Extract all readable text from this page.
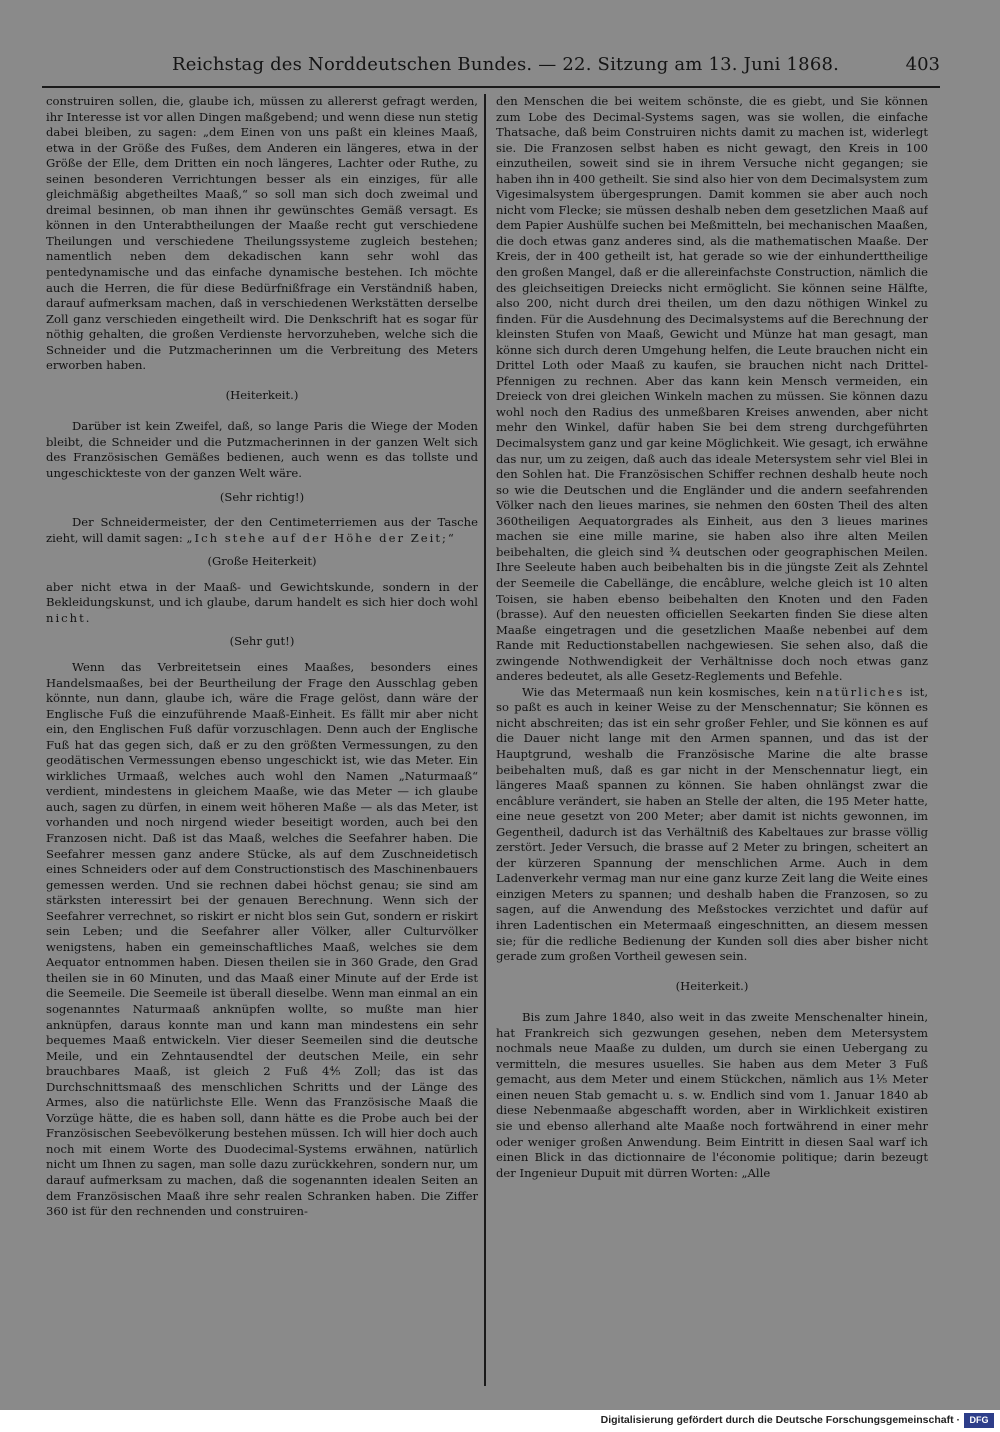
Reichstag des Norddeutschen Bundes. — 22. Sitzung am 13. Juni 1868.	403

construiren sollen, die, glaube ich, müssen zu allererst gefragt werden, ihr Interesse ist vor allen Dingen maßgebend; und wenn diese nun stetig dabei bleiben, zu sagen: „dem Einen von uns paßt ein kleines Maaß, etwa in der Größe des Fußes, dem Anderen ein längeres, etwa in der Größe der Elle, dem Dritten ein noch längeres, Lachter oder Ruthe, zu seinen besonderen Verrichtungen besser als ein einziges, für alle gleichmäßig abgetheiltes Maaß,“ so soll man sich doch zweimal und dreimal besinnen, ob man ihnen ihr gewünschtes Gemäß versagt. Es können in den Unterabtheilungen der Maaße recht gut verschiedene Theilungen und verschiedene Theilungssysteme zugleich bestehen; namentlich neben dem dekadischen kann sehr wohl das pentedynamische und das einfache dynamische bestehen. Ich möchte auch die Herren, die für diese Bedürfnißfrage ein Verständniß haben, darauf aufmerksam machen, daß in verschiedenen Werkstätten derselbe Zoll ganz verschieden eingetheilt wird. Die Denkschrift hat es sogar für nöthig gehalten, die großen Verdienste hervorzuheben, welche sich die Schneider und die Putzmacherinnen um die Verbreitung des Meters erworben haben.

(Heiterkeit.)

Darüber ist kein Zweifel, daß, so lange Paris die Wiege der Moden bleibt, die Schneider und die Putzmacherinnen in der ganzen Welt sich des Französischen Gemäßes bedienen, auch wenn es das tollste und ungeschickteste von der ganzen Welt wäre.

(Sehr richtig!)

Der Schneidermeister, der den Centimeterriemen aus der Tasche zieht, will damit sagen: „Ich stehe auf der Höhe der Zeit;“

(Große Heiterkeit)

aber nicht etwa in der Maaß- und Gewichtskunde, sondern in der Bekleidungskunst, und ich glaube, darum handelt es sich hier doch wohl nicht.

(Sehr gut!)

Wenn das Verbreitetsein eines Maaßes, besonders eines Handelsmaaßes, bei der Beurtheilung der Frage den Ausschlag geben könnte, nun dann, glaube ich, wäre die Frage gelöst, dann wäre der Englische Fuß die einzuführende Maaß-Einheit. Es fällt mir aber nicht ein, den Englischen Fuß dafür vorzuschlagen. Denn auch der Englische Fuß hat das gegen sich, daß er zu den größten Vermessungen, zu den geodätischen Vermessungen ebenso ungeschickt ist, wie das Meter. Ein wirkliches Urmaaß, welches auch wohl den Namen „Naturmaaß“ verdient, mindestens in gleichem Maaße, wie das Meter — ich glaube auch, sagen zu dürfen, in einem weit höheren Maße — als das Meter, ist vorhanden und noch nirgend wieder beseitigt worden, auch bei den Franzosen nicht. Daß ist das Maaß, welches die Seefahrer haben. Die Seefahrer messen ganz andere Stücke, als auf dem Zuschneidetisch eines Schneiders oder auf dem Constructionstisch des Maschinenbauers gemessen werden. Und sie rechnen dabei höchst genau; sie sind am stärksten interessirt bei der genauen Berechnung. Wenn sich der Seefahrer verrechnet, so riskirt er nicht blos sein Gut, sondern er riskirt sein Leben; und die Seefahrer aller Völker, aller Culturvölker wenigstens, haben ein gemeinschaftliches Maaß, welches sie dem Aequator entnommen haben. Diesen theilen sie in 360 Grade, den Grad theilen sie in 60 Minuten, und das Maaß einer Minute auf der Erde ist die Seemeile. Die Seemeile ist überall dieselbe. Wenn man einmal an ein sogenanntes Naturmaaß anknüpfen wollte, so mußte man hier anknüpfen, daraus konnte man und kann man mindestens ein sehr bequemes Maaß entwickeln. Vier dieser Seemeilen sind die deutsche Meile, und ein Zehntausendtel der deutschen Meile, ein sehr brauchbares Maaß, ist gleich 2 Fuß 4⁴⁄₅ Zoll; das ist das Durchschnittsmaaß des menschlichen Schritts und der Länge des Armes, also die natürlichste Elle. Wenn das Französische Maaß die Vorzüge hätte, die es haben soll, dann hätte es die Probe auch bei der Französischen Seebevölkerung bestehen müssen. Ich will hier doch auch noch mit einem Worte des Duodecimal-Systems erwähnen, natürlich nicht um Ihnen zu sagen, man solle dazu zurückkehren, sondern nur, um darauf aufmerksam zu machen, daß die sogenannten idealen Seiten an dem Französischen Maaß ihre sehr realen Schranken haben. Die Ziffer 360 ist für den rechnenden und construiren-

den Menschen die bei weitem schönste, die es giebt, und Sie können zum Lobe des Decimal-Systems sagen, was sie wollen, die einfache Thatsache, daß beim Construiren nichts damit zu machen ist, widerlegt sie. Die Franzosen selbst haben es nicht gewagt, den Kreis in 100 einzutheilen, soweit sind sie in ihrem Versuche nicht gegangen; sie haben ihn in 400 getheilt. Sie sind also hier von dem Decimalsystem zum Vigesimalsystem übergesprungen. Damit kommen sie aber auch noch nicht vom Flecke; sie müssen deshalb neben dem gesetzlichen Maaß auf dem Papier Aushülfe suchen bei Meßmitteln, bei mechanischen Maaßen, die doch etwas ganz anderes sind, als die mathematischen Maaße. Der Kreis, der in 400 getheilt ist, hat gerade so wie der einhunderttheilige den großen Mangel, daß er die allereinfachste Construction, nämlich die des gleichseitigen Dreiecks nicht ermöglicht. Sie können seine Hälfte, also 200, nicht durch drei theilen, um den dazu nöthigen Winkel zu finden. Für die Ausdehnung des Decimalsystems auf die Berechnung der kleinsten Stufen von Maaß, Gewicht und Münze hat man gesagt, man könne sich durch deren Umgehung helfen, die Leute brauchen nicht ein Drittel Loth oder Maaß zu kaufen, sie brauchen nicht nach Drittel-Pfennigen zu rechnen. Aber das kann kein Mensch vermeiden, ein Dreieck von drei gleichen Winkeln machen zu müssen. Sie können dazu wohl noch den Radius des unmeßbaren Kreises anwenden, aber nicht mehr den Winkel, dafür haben Sie bei dem streng durchgeführten Decimalsystem ganz und gar keine Möglichkeit. Wie gesagt, ich erwähne das nur, um zu zeigen, daß auch das ideale Metersystem sehr viel Blei in den Sohlen hat. Die Französischen Schiffer rechnen deshalb heute noch so wie die Deutschen und die Engländer und die andern seefahrenden Völker nach den lieues marines, sie nehmen den 60sten Theil des alten 360theiligen Aequatorgrades als Einheit, aus den 3 lieues marines machen sie eine mille marine, sie haben also ihre alten Meilen beibehalten, die gleich sind ³⁄₄ deutschen oder geographischen Meilen. Ihre Seeleute haben auch beibehalten bis in die jüngste Zeit als Zehntel der Seemeile die Cabellänge, die encâblure, welche gleich ist 10 alten Toisen, sie haben ebenso beibehalten den Knoten und den Faden (brasse). Auf den neuesten officiellen Seekarten finden Sie diese alten Maaße eingetragen und die gesetzlichen Maaße nebenbei auf dem Rande mit Reductionstabellen nachgewiesen. Sie sehen also, daß die zwingende Nothwendigkeit der Verhältnisse doch noch etwas ganz anderes bedeutet, als alle Gesetz-Reglements und Befehle.

Wie das Metermaaß nun kein kosmisches, kein natürliches ist, so paßt es auch in keiner Weise zu der Menschennatur; Sie können es nicht abschreiten; das ist ein sehr großer Fehler, und Sie können es auf die Dauer nicht lange mit den Armen spannen, und das ist der Hauptgrund, weshalb die Französische Marine die alte brasse beibehalten muß, daß es gar nicht in der Menschennatur liegt, ein längeres Maaß spannen zu können. Sie haben ohnlängst zwar die encâblure verändert, sie haben an Stelle der alten, die 195 Meter hatte, eine neue gesetzt von 200 Meter; aber damit ist nichts gewonnen, im Gegentheil, dadurch ist das Verhältniß des Kabeltaues zur brasse völlig zerstört. Jeder Versuch, die brasse auf 2 Meter zu bringen, scheitert an der kürzeren Spannung der menschlichen Arme. Auch in dem Ladenverkehr vermag man nur eine ganz kurze Zeit lang die Weite eines einzigen Meters zu spannen; und deshalb haben die Franzosen, so zu sagen, auf die Anwendung des Meßstockes verzichtet und dafür auf ihren Ladentischen ein Metermaaß eingeschnitten, an diesem messen sie; für die redliche Bedienung der Kunden soll dies aber bisher nicht gerade zum großen Vortheil gewesen sein.

(Heiterkeit.)

Bis zum Jahre 1840, also weit in das zweite Menschenalter hinein, hat Frankreich sich gezwungen gesehen, neben dem Metersystem nochmals neue Maaße zu dulden, um durch sie einen Uebergang zu vermitteln, die mesures usuelles. Sie haben aus dem Meter 3 Fuß gemacht, aus dem Meter und einem Stückchen, nämlich aus 1¹⁄₅ Meter einen neuen Stab gemacht u. s. w. Endlich sind vom 1. Januar 1840 ab diese Nebenmaaße abgeschafft worden, aber in Wirklichkeit existiren sie und ebenso allerhand alte Maaße noch fortwährend in einer mehr oder weniger großen Anwendung. Beim Eintritt in diesen Saal warf ich einen Blick in das dictionnaire de l'économie politique; darin bezeugt der Ingenieur Dupuit mit dürren Worten: „Alle

Digitalisierung gefördert durch die Deutsche Forschungsgemeinschaft ·	DFG
